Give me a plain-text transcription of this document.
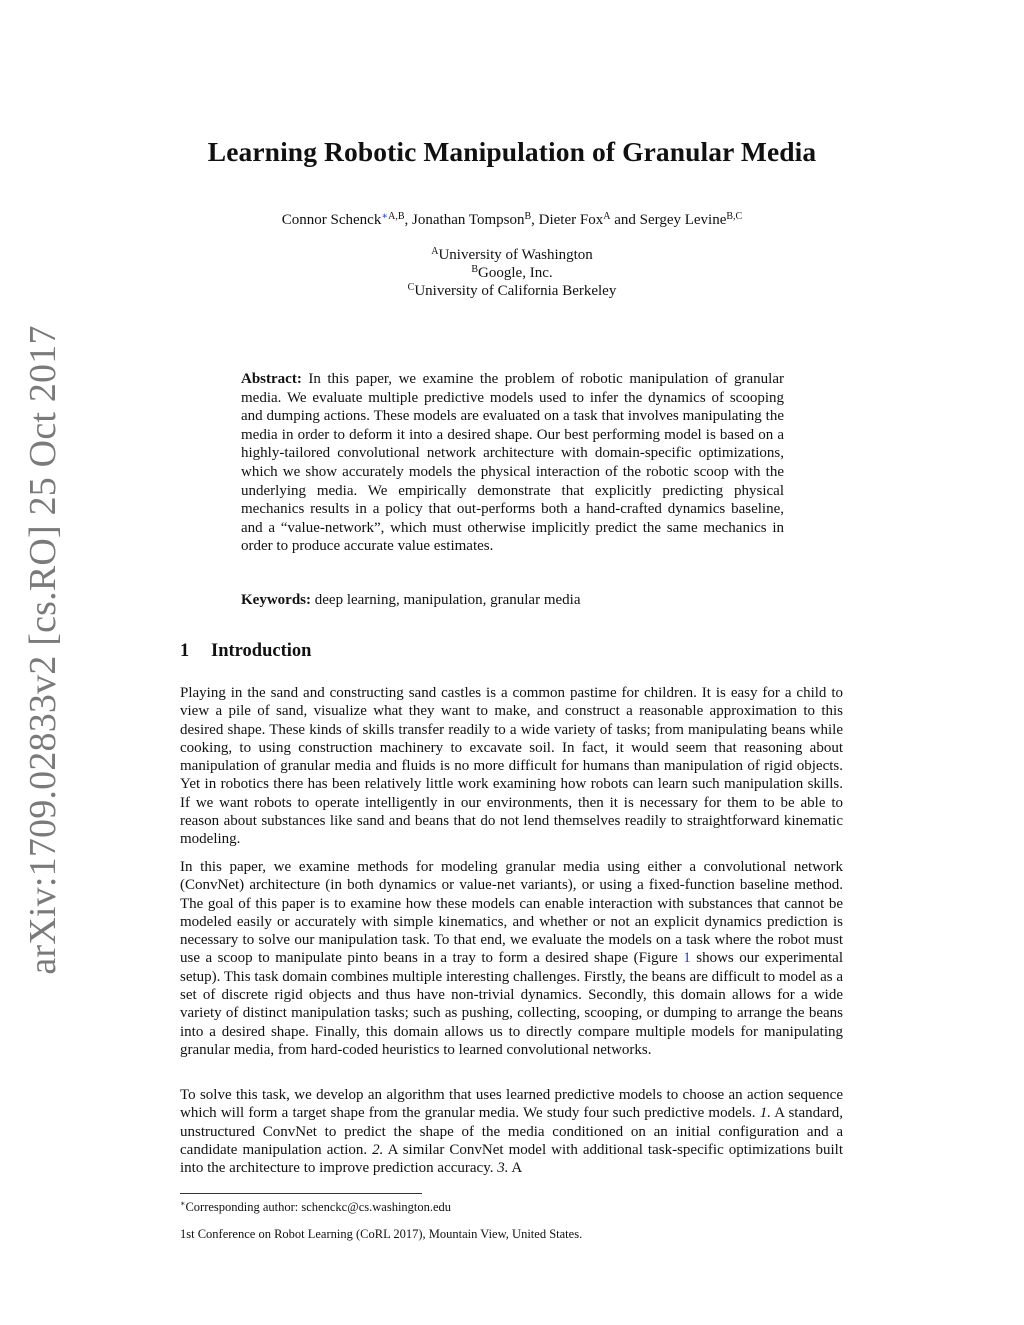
arXiv:1709.02833v2 [cs.RO] 25 Oct 2017
Learning Robotic Manipulation of Granular Media
Connor Schenck$^{∗A,B}$, Jonathan Tompson$^B$, Dieter Fox$^A$ and Sergey Levine$^{B,C}$
$^A$University of Washington
$^B$Google, Inc.
$^C$University of California Berkeley

Abstract: In this paper, we examine the problem of robotic manipulation of granular media. We evaluate multiple predictive models used to infer the dynamics of scooping and dumping actions. These models are evaluated on a task that involves manipulating the media in order to deform it into a desired shape. Our best performing model is based on a highly-tailored convolutional network architecture with domain-specific optimizations, which we show accurately models the physical interaction of the robotic scoop with the underlying media. We empirically demonstrate that explicitly predicting physical mechanics results in a policy that out-performs both a hand-crafted dynamics baseline, and a “value-network”, which must otherwise implicitly predict the same mechanics in order to produce accurate value estimates.

Keywords: deep learning, manipulation, granular media

1 Introduction

Playing in the sand and constructing sand castles is a common pastime for children. It is easy for a child to view a pile of sand, visualize what they want to make, and construct a reasonable approximation to this desired shape. These kinds of skills transfer readily to a wide variety of tasks; from manipulating beans while cooking, to using construction machinery to excavate soil. In fact, it would seem that reasoning about manipulation of granular media and fluids is no more difficult for humans than manipulation of rigid objects. Yet in robotics there has been relatively little work examining how robots can learn such manipulation skills. If we want robots to operate intelligently in our environments, then it is necessary for them to be able to reason about substances like sand and beans that do not lend themselves readily to straightforward kinematic modeling.

In this paper, we examine methods for modeling granular media using either a convolutional network (ConvNet) architecture (in both dynamics or value-net variants), or using a fixed-function baseline method. The goal of this paper is to examine how these models can enable interaction with substances that cannot be modeled easily or accurately with simple kinematics, and whether or not an explicit dynamics prediction is necessary to solve our manipulation task. To that end, we evaluate the models on a task where the robot must use a scoop to manipulate pinto beans in a tray to form a desired shape (Figure 1 shows our experimental setup). This task domain combines multiple interesting challenges. Firstly, the beans are difficult to model as a set of discrete rigid objects and thus have non-trivial dynamics. Secondly, this domain allows for a wide variety of distinct manipulation tasks; such as pushing, collecting, scooping, or dumping to arrange the beans into a desired shape. Finally, this domain allows us to directly compare multiple models for manipulating granular media, from hard-coded heuristics to learned convolutional networks.

To solve this task, we develop an algorithm that uses learned predictive models to choose an action sequence which will form a target shape from the granular media. We study four such predictive models. 1. A standard, unstructured ConvNet to predict the shape of the media conditioned on an initial configuration and a candidate manipulation action. 2. A similar ConvNet model with additional task-specific optimizations built into the architecture to improve prediction accuracy. 3. A

∗Corresponding author: schenckc@cs.washington.edu

1st Conference on Robot Learning (CoRL 2017), Mountain View, United States.
